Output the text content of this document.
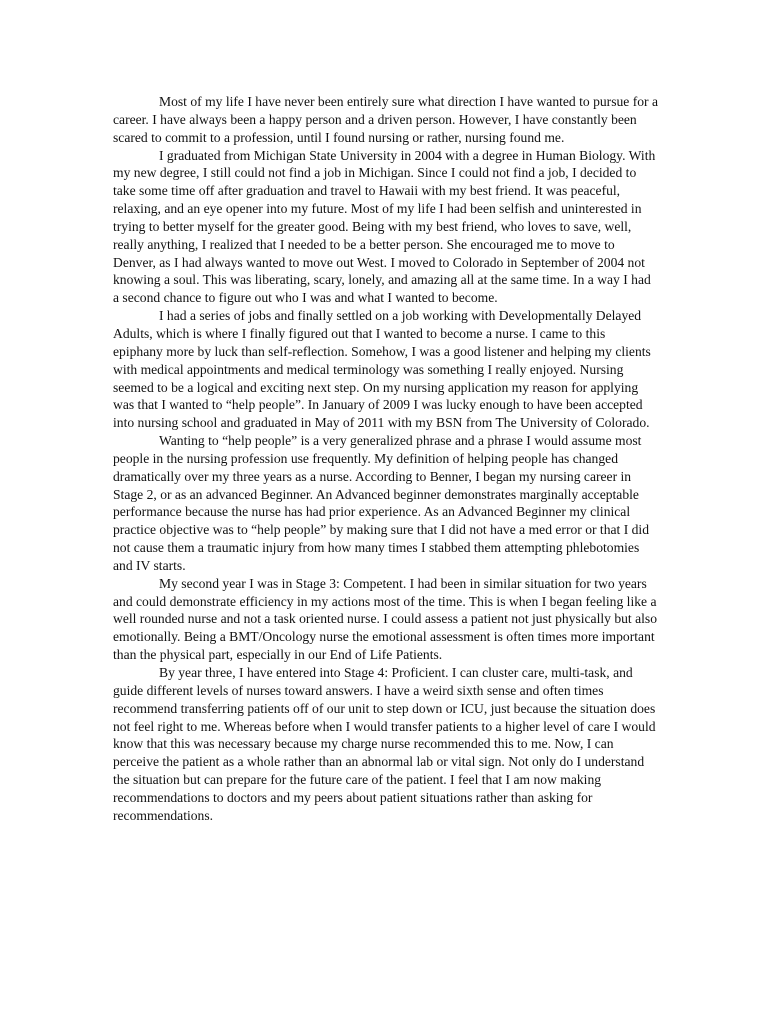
Most of my life I have never been entirely sure what direction I have wanted to pursue for a career. I have always been a happy person and a driven person. However, I have constantly been scared to commit to a profession, until I found nursing or rather, nursing found me.

I graduated from Michigan State University in 2004 with a degree in Human Biology. With my new degree, I still could not find a job in Michigan. Since I could not find a job, I decided to take some time off after graduation and travel to Hawaii with my best friend. It was peaceful, relaxing, and an eye opener into my future. Most of my life I had been selfish and uninterested in trying to better myself for the greater good. Being with my best friend, who loves to save, well, really anything, I realized that I needed to be a better person. She encouraged me to move to Denver, as I had always wanted to move out West. I moved to Colorado in September of 2004 not knowing a soul. This was liberating, scary, lonely, and amazing all at the same time. In a way I had a second chance to figure out who I was and what I wanted to become.

I had a series of jobs and finally settled on a job working with Developmentally Delayed Adults, which is where I finally figured out that I wanted to become a nurse. I came to this epiphany more by luck than self-reflection. Somehow, I was a good listener and helping my clients with medical appointments and medical terminology was something I really enjoyed. Nursing seemed to be a logical and exciting next step. On my nursing application my reason for applying was that I wanted to “help people”. In January of 2009 I was lucky enough to have been accepted into nursing school and graduated in May of 2011 with my BSN from The University of Colorado.

Wanting to “help people” is a very generalized phrase and a phrase I would assume most people in the nursing profession use frequently. My definition of helping people has changed dramatically over my three years as a nurse. According to Benner, I began my nursing career in Stage 2, or as an advanced Beginner. An Advanced beginner demonstrates marginally acceptable performance because the nurse has had prior experience. As an Advanced Beginner my clinical practice objective was to “help people” by making sure that I did not have a med error or that I did not cause them a traumatic injury from how many times I stabbed them attempting phlebotomies and IV starts.

My second year I was in Stage 3: Competent. I had been in similar situation for two years and could demonstrate efficiency in my actions most of the time. This is when I began feeling like a well rounded nurse and not a task oriented nurse. I could assess a patient not just physically but also emotionally. Being a BMT/Oncology nurse the emotional assessment is often times more important than the physical part, especially in our End of Life Patients.

By year three, I have entered into Stage 4: Proficient. I can cluster care, multi-task, and guide different levels of nurses toward answers. I have a weird sixth sense and often times recommend transferring patients off of our unit to step down or ICU, just because the situation does not feel right to me. Whereas before when I would transfer patients to a higher level of care I would know that this was necessary because my charge nurse recommended this to me. Now, I can perceive the patient as a whole rather than an abnormal lab or vital sign. Not only do I understand the situation but can prepare for the future care of the patient. I feel that I am now making recommendations to doctors and my peers about patient situations rather than asking for recommendations.
